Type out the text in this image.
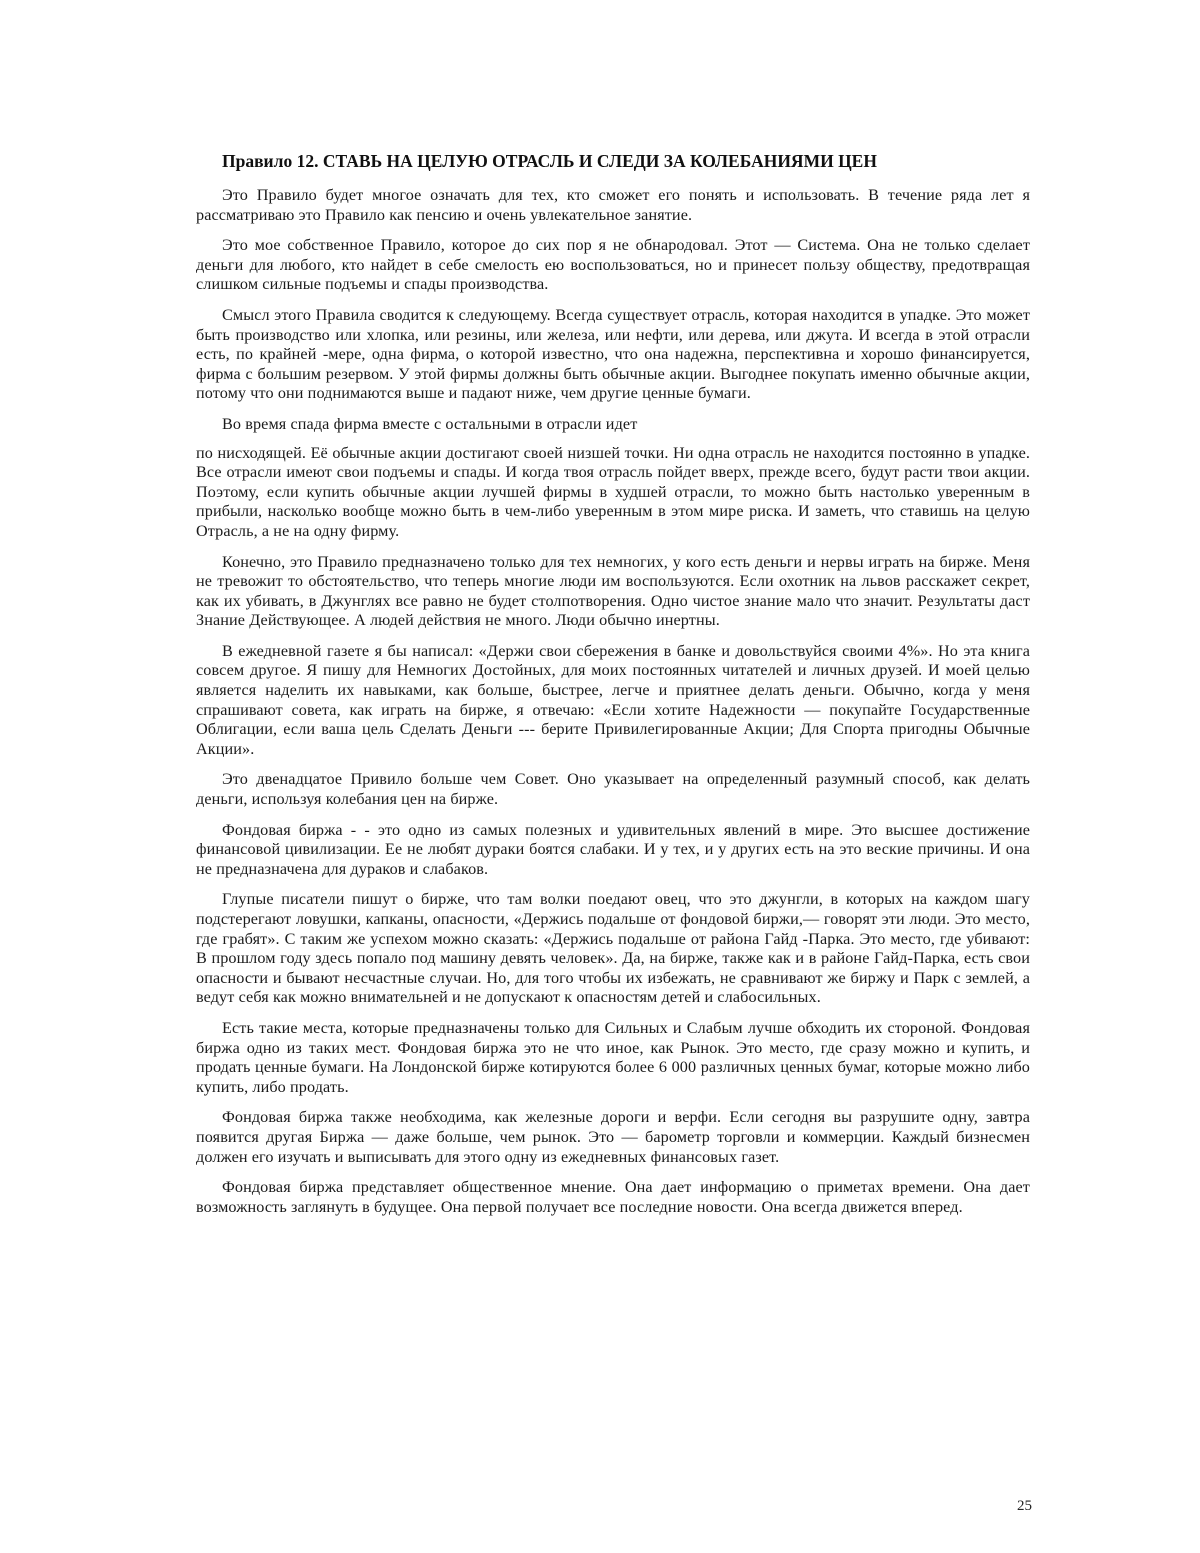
Правило 12. СТАВЬ НА ЦЕЛУЮ ОТРАСЛЬ И СЛЕДИ ЗА КОЛЕБАНИЯМИ ЦЕН

Это Правило будет многое означать для тех, кто сможет его понять и использовать. В течение ряда лет я рассматриваю это Правило как пенсию и очень увлекательное занятие.

Это мое собственное Правило, которое до сих пор я не обнародовал. Этот — Система. Она не только сделает деньги для любого, кто найдет в себе смелость ею воспользоваться, но и принесет пользу обществу, предотвращая слишком сильные подъемы и спады производства.

Смысл этого Правила сводится к следующему. Всегда существует отрасль, которая находится в упадке. Это может быть производство или хлопка, или резины, или железа, или нефти, или дерева, или джута. И всегда в этой отрасли есть, по крайней -мере, одна фирма, о которой известно, что она надежна, перспективна и хорошо финансируется, фирма с большим резервом. У этой фирмы должны быть обычные акции. Выгоднее покупать именно обычные акции, потому что они поднимаются выше и падают ниже, чем другие ценные бумаги.

Во время спада фирма вместе с остальными в отрасли идет

по нисходящей. Её обычные акции достигают своей низшей точки. Ни одна отрасль не находится постоянно в упадке. Все отрасли имеют свои подъемы и спады. И когда твоя отрасль пойдет вверх, прежде всего, будут расти твои акции. Поэтому, если купить обычные акции лучшей фирмы в худшей отрасли, то можно быть настолько уверенным в прибыли, насколько вообще можно быть в чем-либо уверенным в этом мире риска. И заметь, что ставишь на целую Отрасль, а не на одну фирму.

Конечно, это Правило предназначено только для тех немногих, у кого есть деньги и нервы играть на бирже. Меня не тревожит то обстоятельство, что теперь многие люди им воспользуются. Если охотник на львов расскажет секрет, как их убивать, в Джунглях все равно не будет столпотворения. Одно чистое знание мало что значит. Результаты даст Знание Действующее. А людей действия не много. Люди обычно инертны.

В ежедневной газете я бы написал: «Держи свои сбережения в банке и довольствуйся своими 4%». Но эта книга совсем другое. Я пишу для Немногих Достойных, для моих постоянных читателей и личных друзей. И моей целью является наделить их навыками, как больше, быстрее, легче и приятнее делать деньги. Обычно, когда у меня спрашивают совета, как играть на бирже, я отвечаю: «Если хотите Надежности — покупайте Государственные Облигации, если ваша цель Сделать Деньги --- берите Привилегированные Акции; Для Спорта пригодны Обычные Акции».

Это двенадцатое Привило больше чем Совет. Оно указывает на определенный разумный способ, как делать деньги, используя колебания цен на бирже.

Фондовая биржа - - это одно из самых полезных и удивительных явлений в мире. Это высшее достижение финансовой цивилизации. Ее не любят дураки боятся слабаки. И у тех, и у других есть на это веские причины. И она не предназначена для дураков и слабаков.

Глупые писатели пишут о бирже, что там волки поедают овец, что это джунгли, в которых на каждом шагу подстерегают ловушки, капканы, опасности, «Держись подальше от фондовой биржи,— говорят эти люди. Это место, где грабят». С таким же успехом можно сказать: «Держись подальше от района Гайд -Парка. Это место, где убивают: В прошлом году здесь попало под машину девять человек». Да, на бирже, также как и в районе Гайд-Парка, есть свои опасности и бывают несчастные случаи. Но, для того чтобы их избежать, не сравнивают же биржу и Парк с землей, а ведут себя как можно внимательней и не допускают к опасностям детей и слабосильных.

Есть такие места, которые предназначены только для Сильных и Слабым лучше обходить их стороной. Фондовая биржа одно из таких мест. Фондовая биржа это не что иное, как Рынок. Это место, где сразу можно и купить, и продать ценные бумаги. На Лондонской бирже котируются более 6 000 различных ценных бумаг, которые можно либо купить, либо продать.

Фондовая биржа также необходима, как железные дороги и верфи. Если сегодня вы разрушите одну, завтра появится другая Биржа — даже больше, чем рынок. Это — барометр торговли и коммерции. Каждый бизнесмен должен его изучать и выписывать для этого одну из ежедневных финансовых газет.

Фондовая биржа представляет общественное мнение. Она дает информацию о приметах времени. Она дает возможность заглянуть в будущее. Она первой получает все последние новости. Она всегда движется вперед.

25
